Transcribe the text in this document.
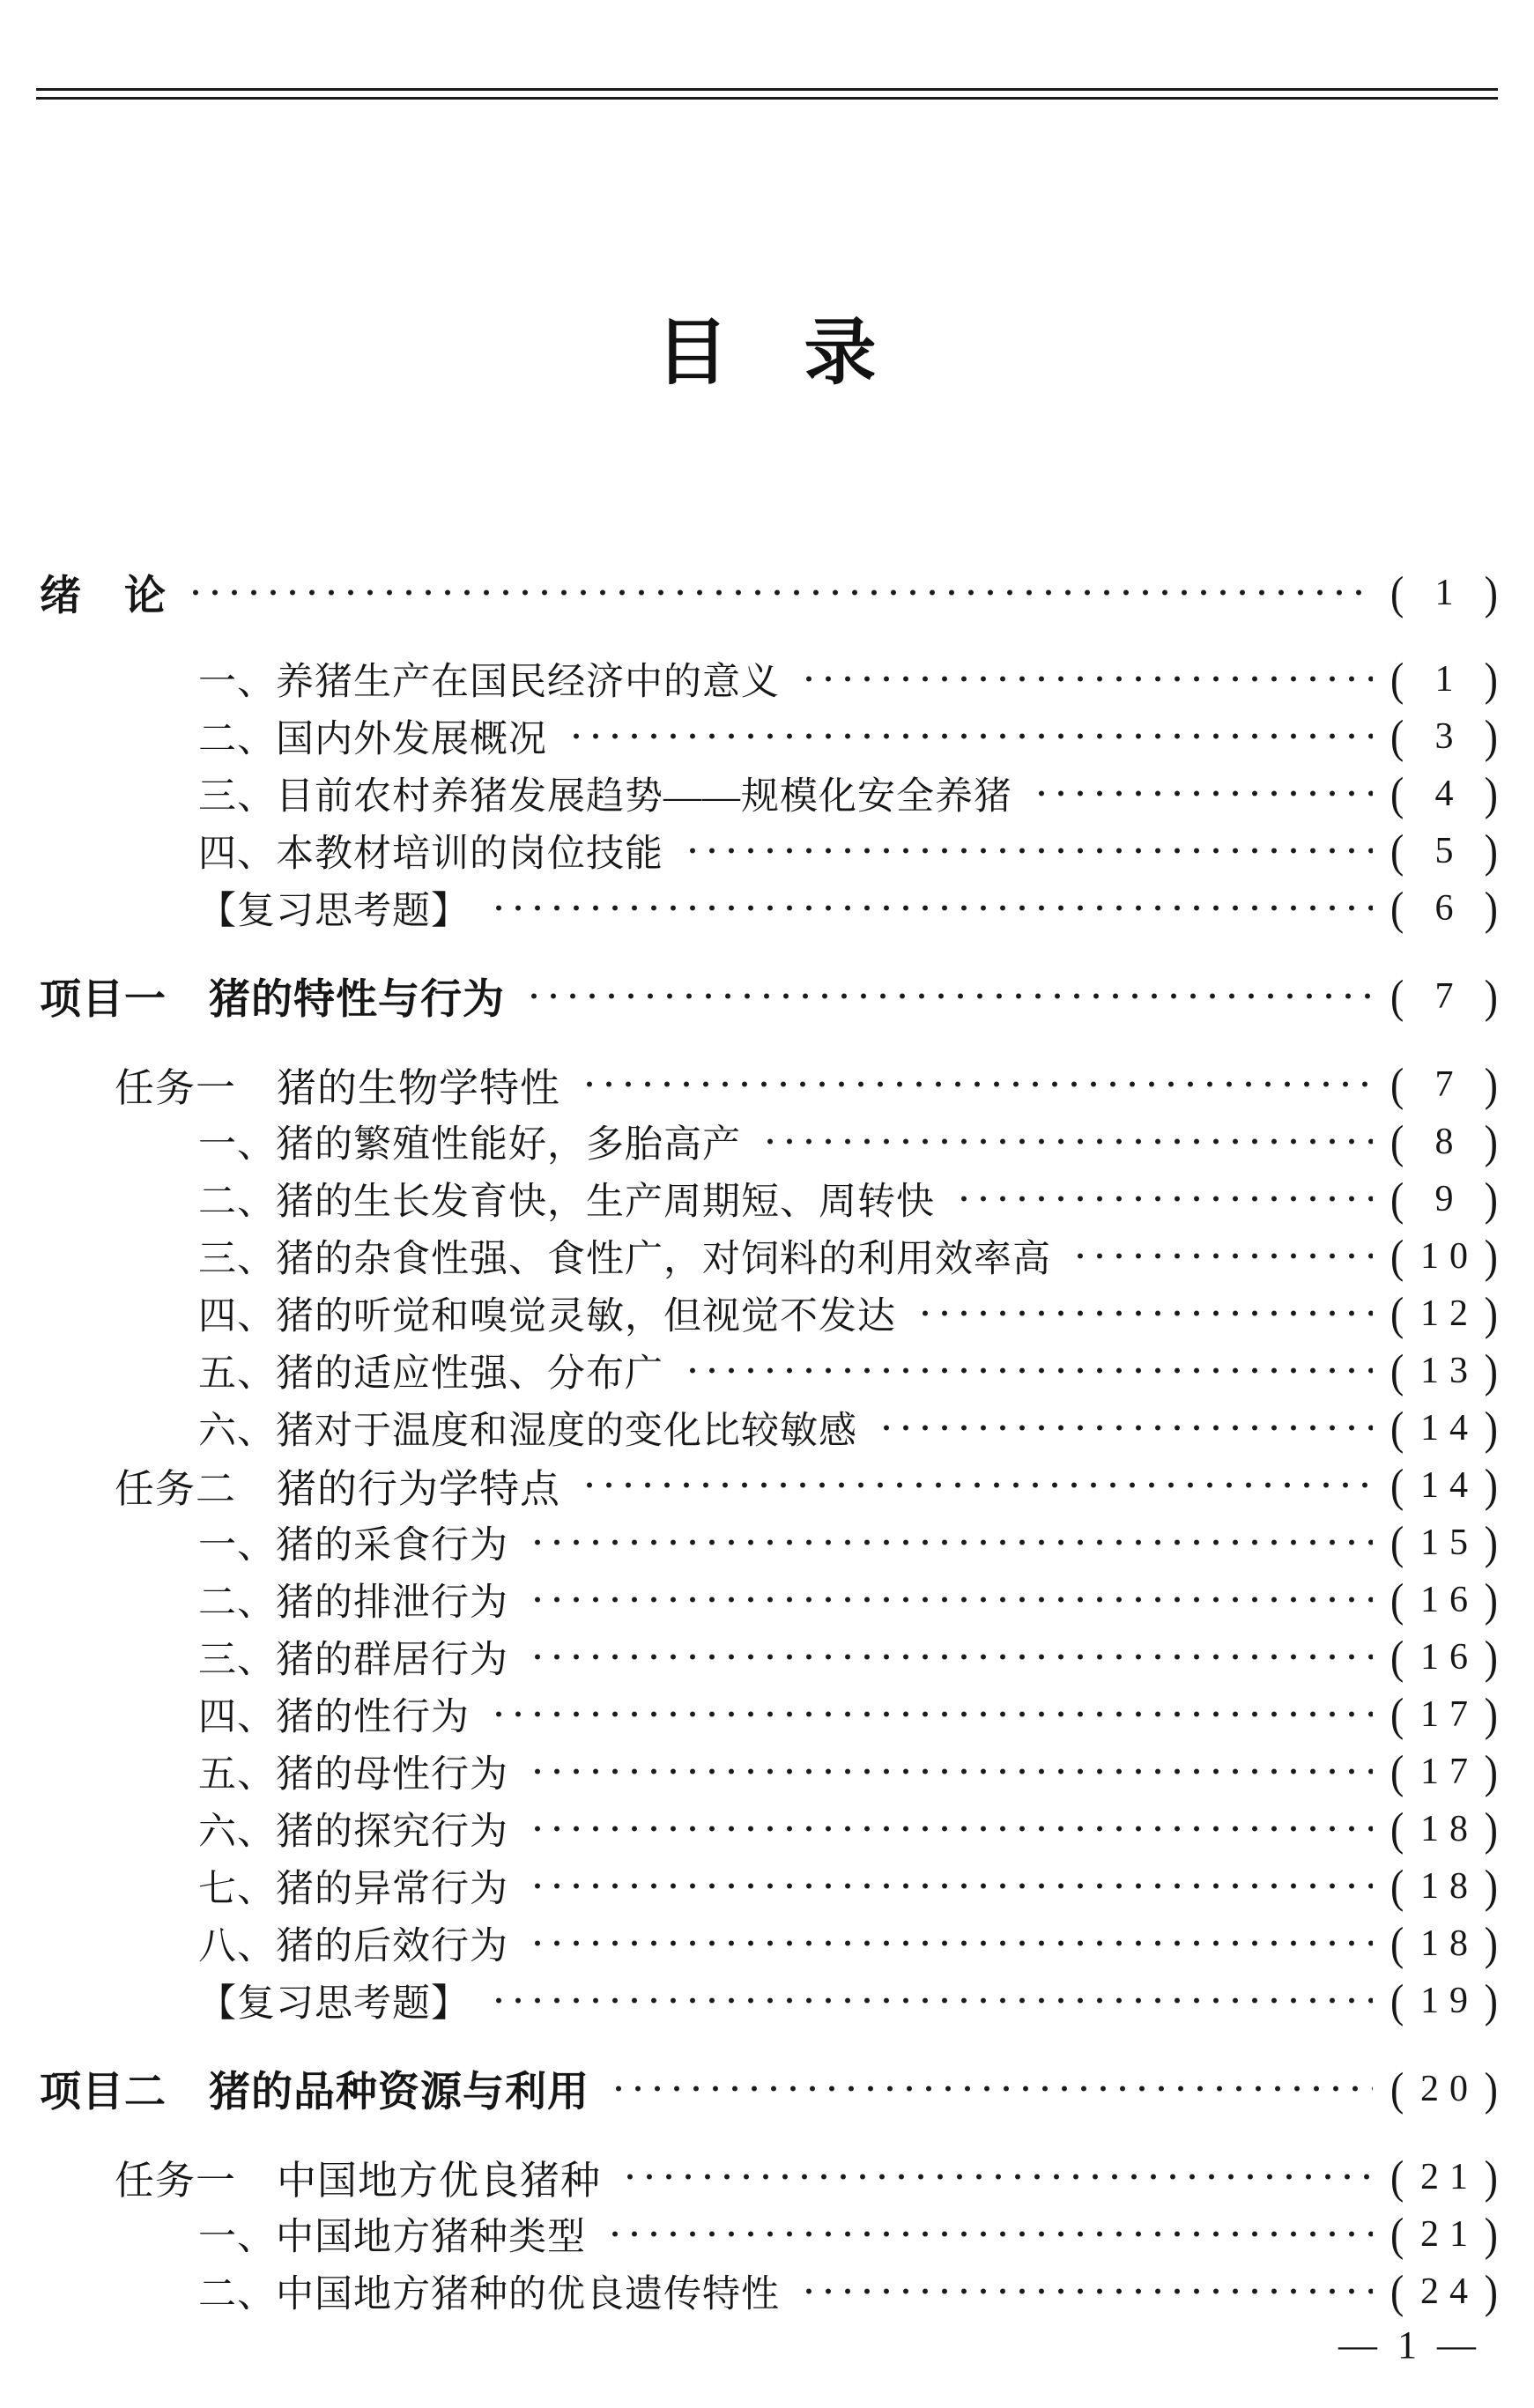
目　录
绪　论	( 1 )
一、养猪生产在国民经济中的意义	( 1 )
二、国内外发展概况	( 3 )
三、目前农村养猪发展趋势——规模化安全养猪	( 4 )
四、本教材培训的岗位技能	( 5 )
【复习思考题】	( 6 )
项目一　猪的特性与行为	( 7 )
任务一　猪的生物学特性	( 7 )
一、猪的繁殖性能好，多胎高产	( 8 )
二、猪的生长发育快，生产周期短、周转快	( 9 )
三、猪的杂食性强、食性广，对饲料的利用效率高	( 10 )
四、猪的听觉和嗅觉灵敏，但视觉不发达	( 12 )
五、猪的适应性强、分布广	( 13 )
六、猪对于温度和湿度的变化比较敏感	( 14 )
任务二　猪的行为学特点	( 14 )
一、猪的采食行为	( 15 )
二、猪的排泄行为	( 16 )
三、猪的群居行为	( 16 )
四、猪的性行为	( 17 )
五、猪的母性行为	( 17 )
六、猪的探究行为	( 18 )
七、猪的异常行为	( 18 )
八、猪的后效行为	( 18 )
【复习思考题】	( 19 )
项目二　猪的品种资源与利用	( 20 )
任务一　中国地方优良猪种	( 21 )
一、中国地方猪种类型	( 21 )
二、中国地方猪种的优良遗传特性	( 24 )
— 1 —
